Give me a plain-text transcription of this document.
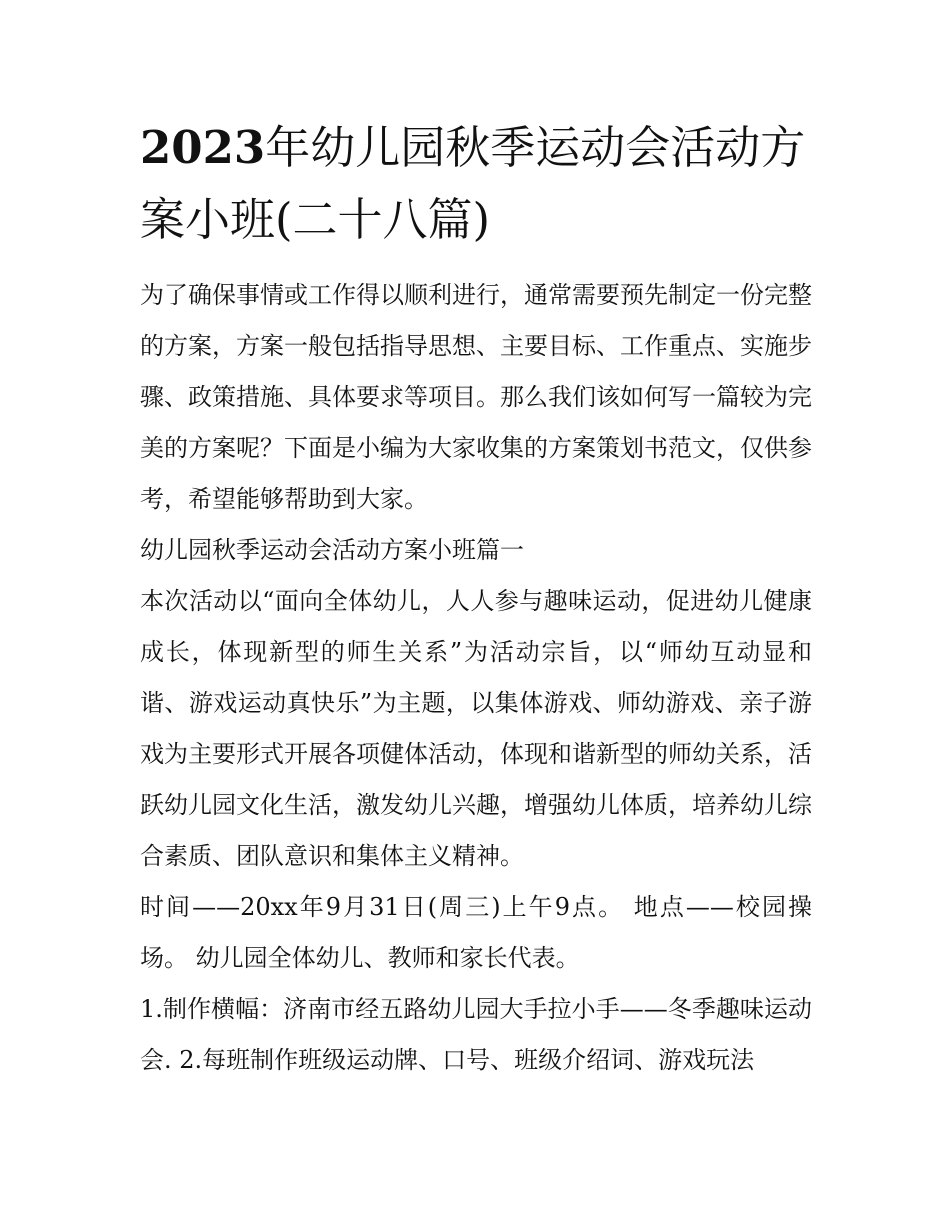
2023年幼儿园秋季运动会活动方案小班(二十八篇)

为了确保事情或工作得以顺利进行，通常需要预先制定一份完整的方案，方案一般包括指导思想、主要目标、工作重点、实施步骤、政策措施、具体要求等项目。那么我们该如何写一篇较为完美的方案呢？下面是小编为大家收集的方案策划书范文，仅供参考，希望能够帮助到大家。

幼儿园秋季运动会活动方案小班篇一

本次活动以“面向全体幼儿，人人参与趣味运动，促进幼儿健康成长，体现新型的师生关系”为活动宗旨，以“师幼互动显和谐、游戏运动真快乐”为主题，以集体游戏、师幼游戏、亲子游戏为主要形式开展各项健体活动，体现和谐新型的师幼关系，活跃幼儿园文化生活，激发幼儿兴趣，增强幼儿体质，培养幼儿综合素质、团队意识和集体主义精神。

时间——20xx年9月31日(周三)上午9点。 地点——校园操场。 幼儿园全体幼儿、教师和家长代表。

1.制作横幅：济南市经五路幼儿园大手拉小手——冬季趣味运动会. 2.每班制作班级运动牌、口号、班级介绍词、游戏玩法
